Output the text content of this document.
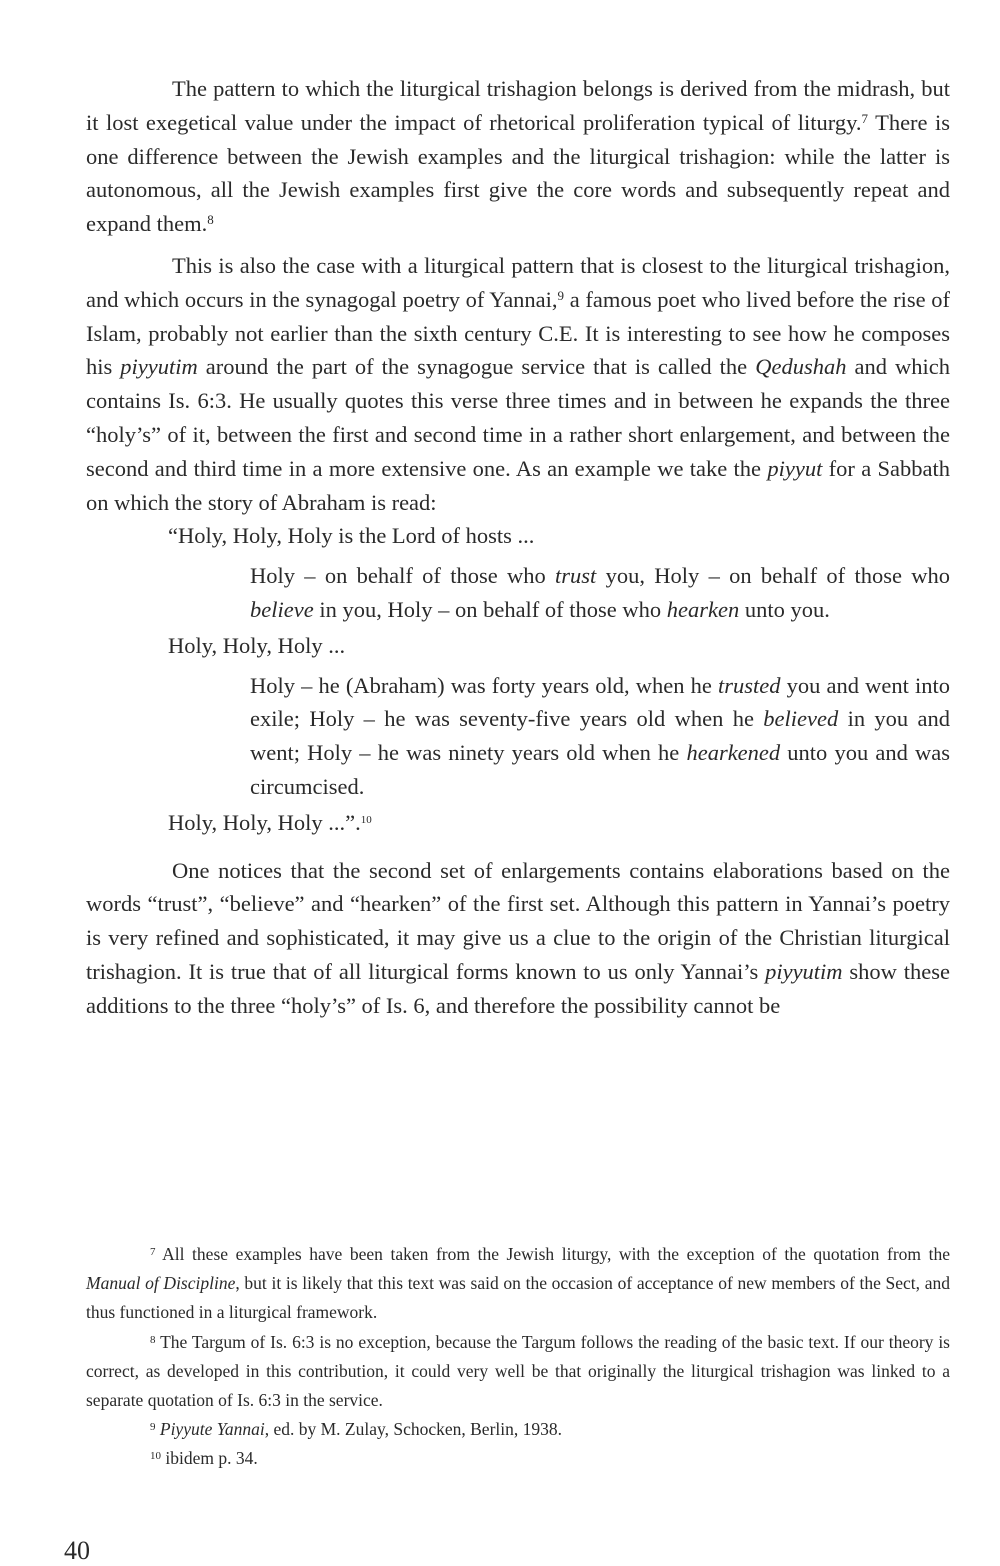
The pattern to which the liturgical trishagion belongs is derived from the midrash, but it lost exegetical value under the impact of rhetorical proliferation typical of liturgy.$^7$ There is one difference between the Jewish examples and the liturgical trishagion: while the latter is autonomous, all the Jewish examples first give the core words and subsequently repeat and expand them.$^8$

This is also the case with a liturgical pattern that is closest to the liturgical trishagion, and which occurs in the synagogal poetry of Yannai,$^9$ a famous poet who lived before the rise of Islam, probably not earlier than the sixth century C.E. It is interesting to see how he composes his piyyutim around the part of the synagogue service that is called the Qedushah and which contains Is. 6:3. He usually quotes this verse three times and in between he expands the three “holy’s” of it, between the first and second time in a rather short enlargement, and between the second and third time in a more extensive one. As an example we take the piyyut for a Sabbath on which the story of Abraham is read:

“Holy, Holy, Holy is the Lord of hosts ...
Holy – on behalf of those who trust you, Holy – on behalf of those who believe in you, Holy – on behalf of those who hearken unto you.
Holy, Holy, Holy ...
Holy – he (Abraham) was forty years old, when he trusted you and went into exile; Holy – he was seventy-five years old when he believed in you and went; Holy – he was ninety years old when he hearkened unto you and was circumcised.
Holy, Holy, Holy ...”.$^{10}$

One notices that the second set of enlargements contains elaborations based on the words “trust”, “believe” and “hearken” of the first set. Although this pattern in Yannai’s poetry is very refined and sophisticated, it may give us a clue to the origin of the Christian liturgical trishagion. It is true that of all liturgical forms known to us only Yannai’s piyyutim show these additions to the three “holy’s” of Is. 6, and therefore the possibility cannot be

$^7$ All these examples have been taken from the Jewish liturgy, with the exception of the quotation from the Manual of Discipline, but it is likely that this text was said on the occasion of acceptance of new members of the Sect, and thus functioned in a liturgical framework.

$^8$ The Targum of Is. 6:3 is no exception, because the Targum follows the reading of the basic text. If our theory is correct, as developed in this contribution, it could very well be that originally the liturgical trishagion was linked to a separate quotation of Is. 6:3 in the service.

$^9$ Piyyute Yannai, ed. by M. Zulay, Schocken, Berlin, 1938.

$^{10}$ ibidem p. 34.

40
